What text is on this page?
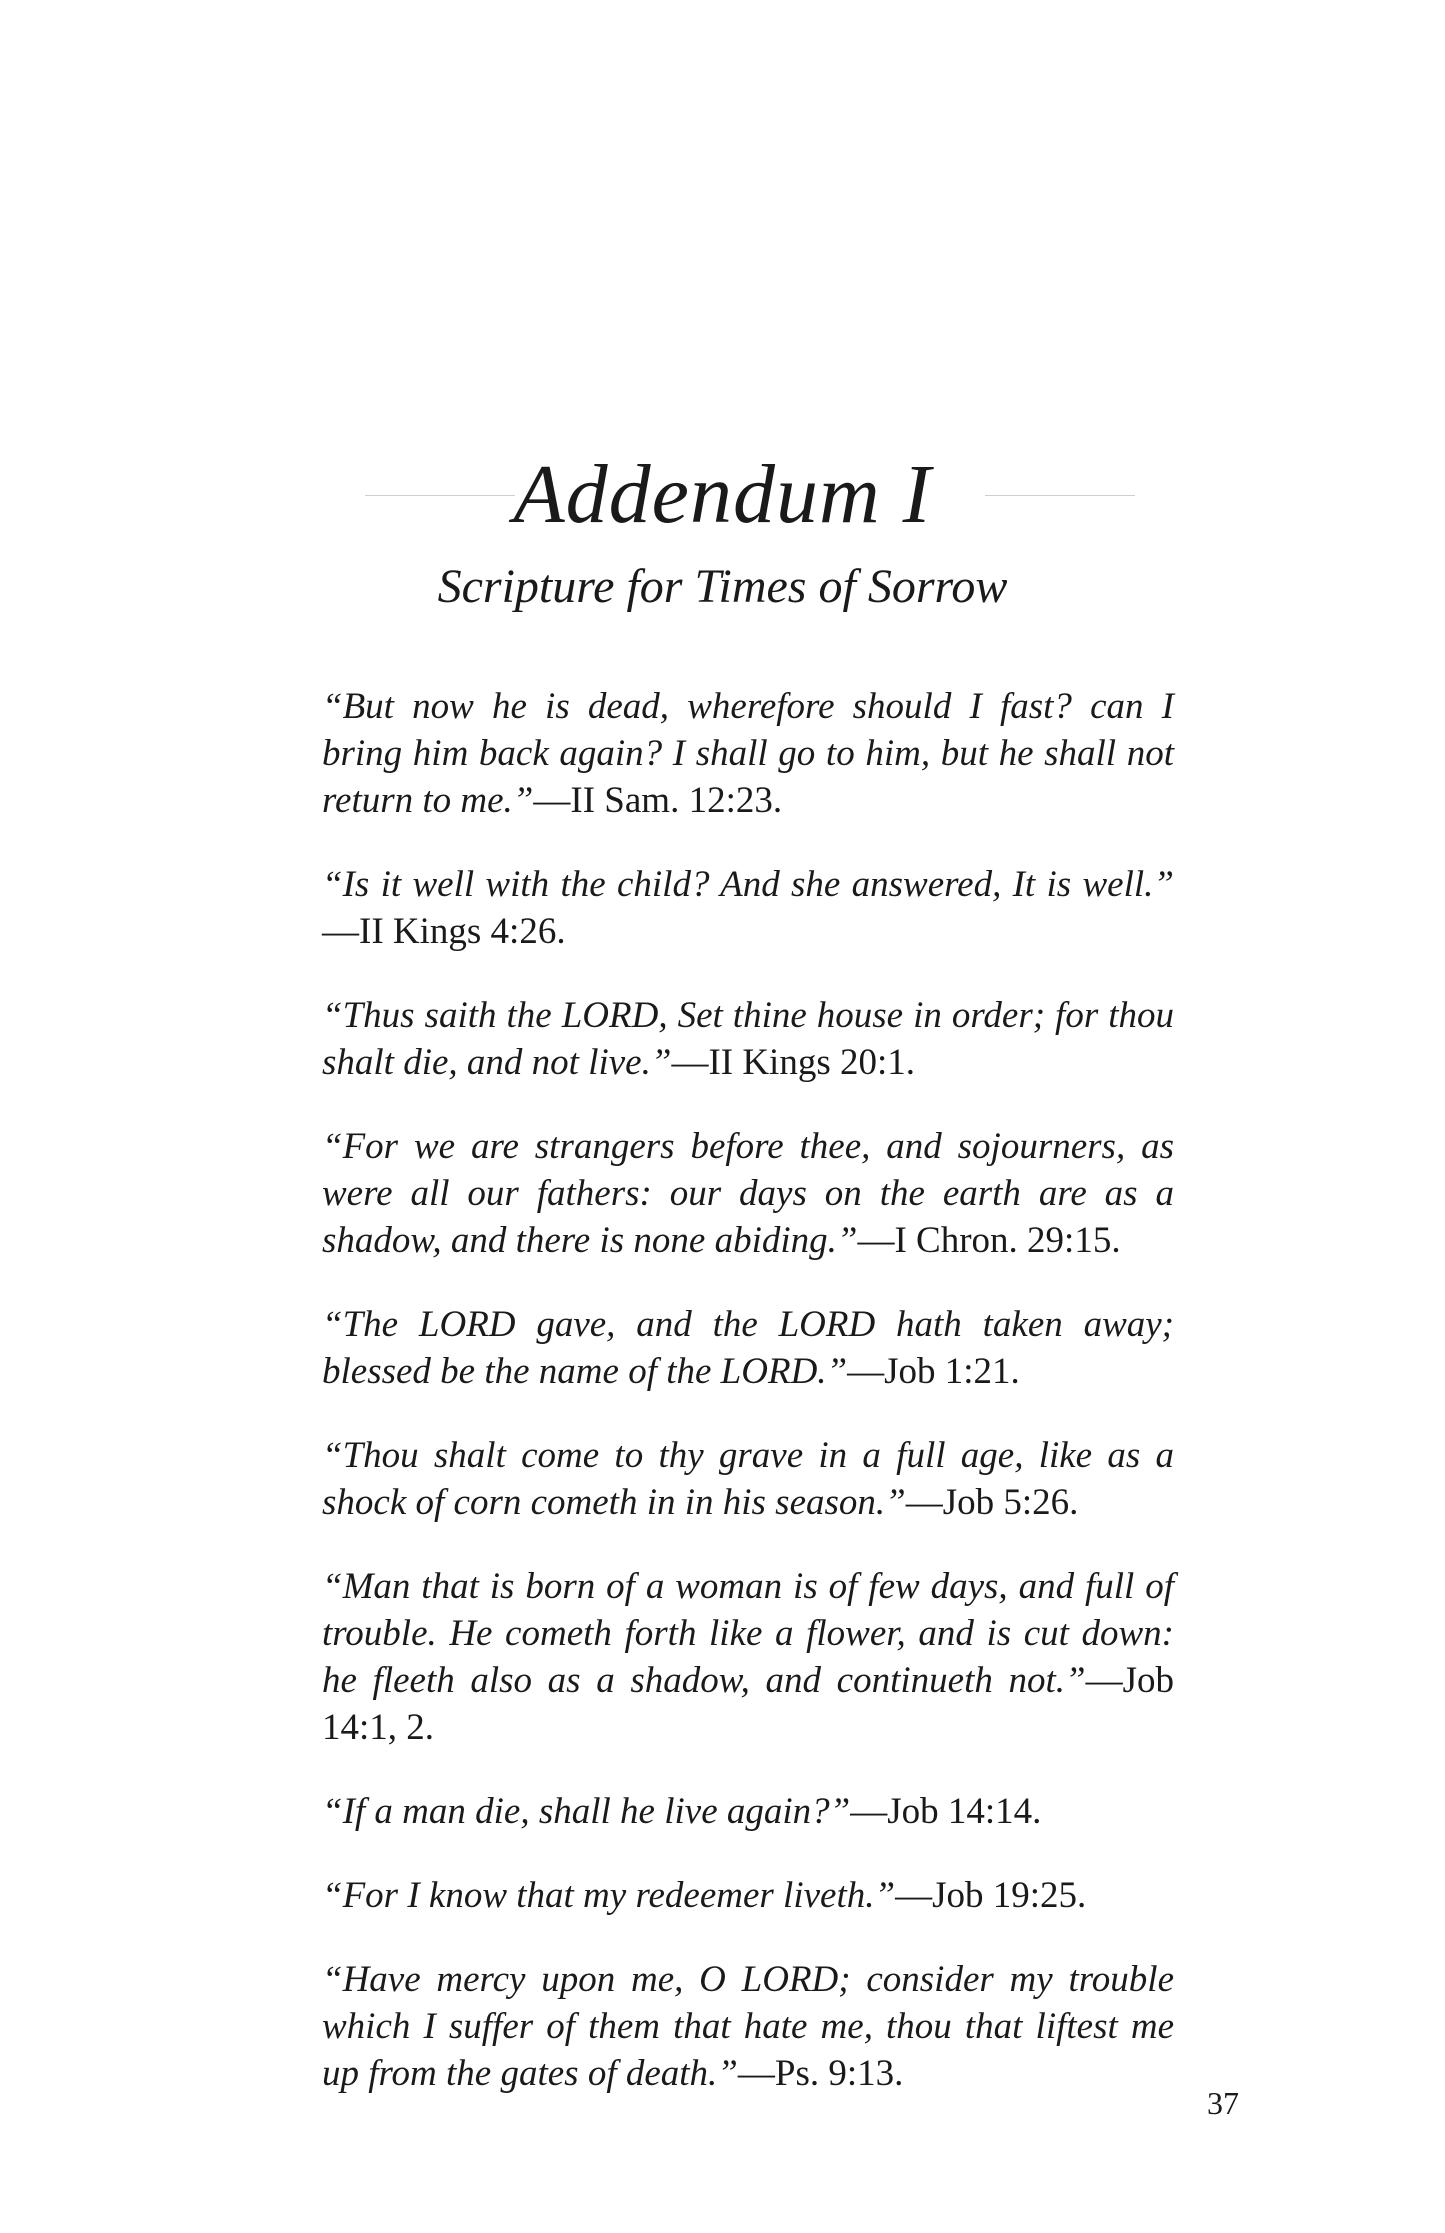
Addendum I
Scripture for Times of Sorrow

“But now he is dead, wherefore should I fast? can I bring him back again? I shall go to him, but he shall not return to me.”—II Sam. 12:23.

“Is it well with the child? And she answered, It is well.” —II Kings 4:26.

“Thus saith the LORD, Set thine house in order; for thou shalt die, and not live.”—II Kings 20:1.

“For we are strangers before thee, and sojourners, as were all our fathers: our days on the earth are as a shadow, and there is none abiding.”—I Chron. 29:15.

“The LORD gave, and the LORD hath taken away; blessed be the name of the LORD.”—Job 1:21.

“Thou shalt come to thy grave in a full age, like as a shock of corn cometh in in his season.”—Job 5:26.

“Man that is born of a woman is of few days, and full of trouble. He cometh forth like a flower, and is cut down: he fleeth also as a shadow, and continueth not.”—Job 14:1, 2.

“If a man die, shall he live again?”—Job 14:14.

“For I know that my redeemer liveth.”—Job 19:25.

“Have mercy upon me, O LORD; consider my trouble which I suffer of them that hate me, thou that liftest me up from the gates of death.”—Ps. 9:13.

37
